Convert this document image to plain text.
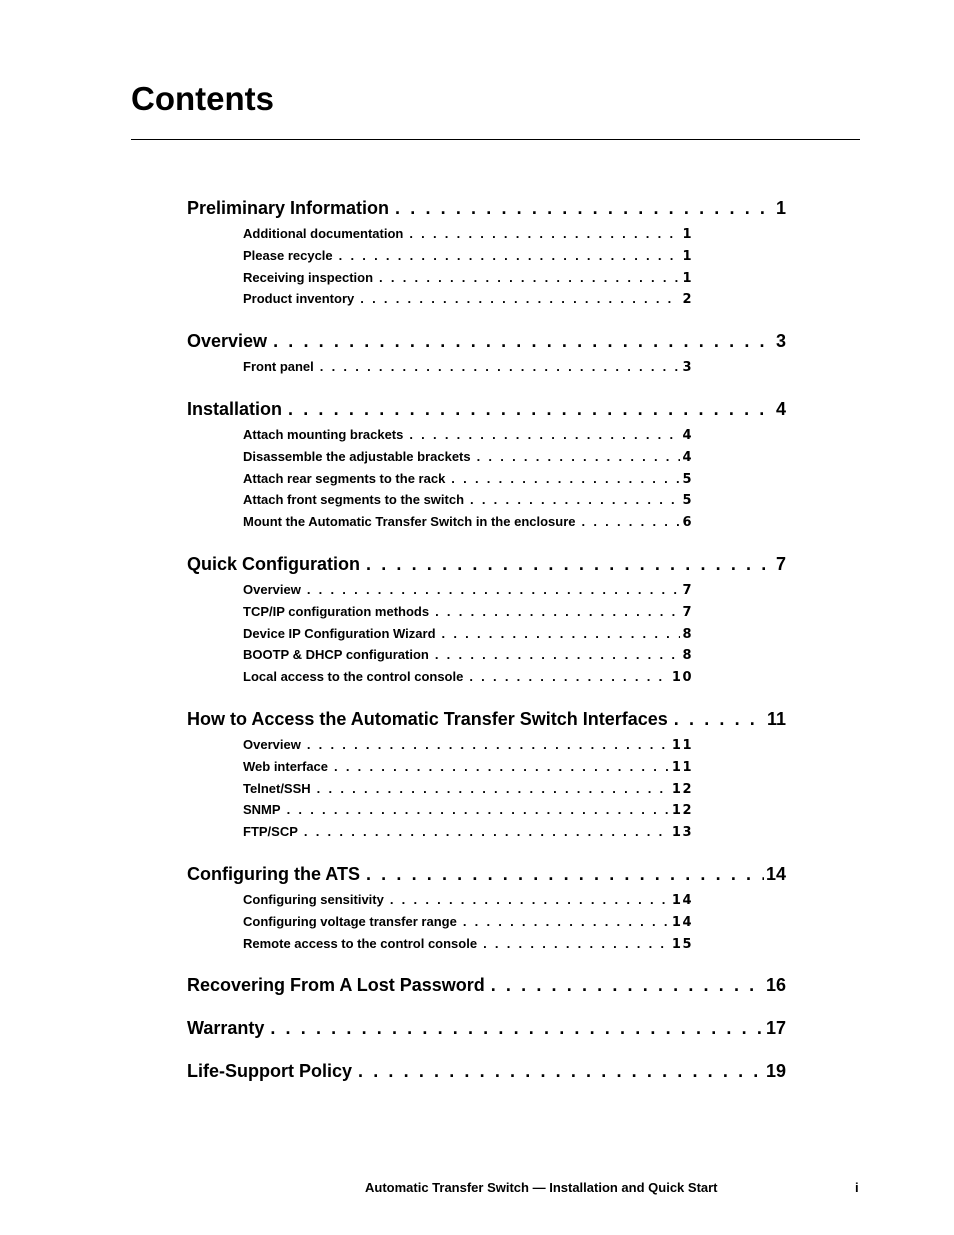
Contents
Preliminary Information . . .	1
Additional documentation . . .	1
Please recycle . . .	1
Receiving inspection . . .	1
Product inventory . . .	2
Overview . . .	3
Front panel . . .	3
Installation . . .	4
Attach mounting brackets . . .	4
Disassemble the adjustable brackets . . .	4
Attach rear segments to the rack . . .	5
Attach front segments to the switch . . .	5
Mount the Automatic Transfer Switch in the enclosure . . .	6
Quick Configuration . . .	7
Overview . . .	7
TCP/IP configuration methods . . .	7
Device IP Configuration Wizard . . .	8
BOOTP & DHCP configuration . . .	8
Local access to the control console . . .	10
How to Access the Automatic Transfer Switch Interfaces . . .	11
Overview . . .	11
Web interface . . .	11
Telnet/SSH . . .	12
SNMP . . .	12
FTP/SCP . . .	13
Configuring the ATS . . .	14
Configuring sensitivity . . .	14
Configuring voltage transfer range . . .	14
Remote access to the control console . . .	15
Recovering From A Lost Password . . .	16
Warranty . . .	17
Life-Support Policy . . .	19
Automatic Transfer Switch — Installation and Quick Start	i
